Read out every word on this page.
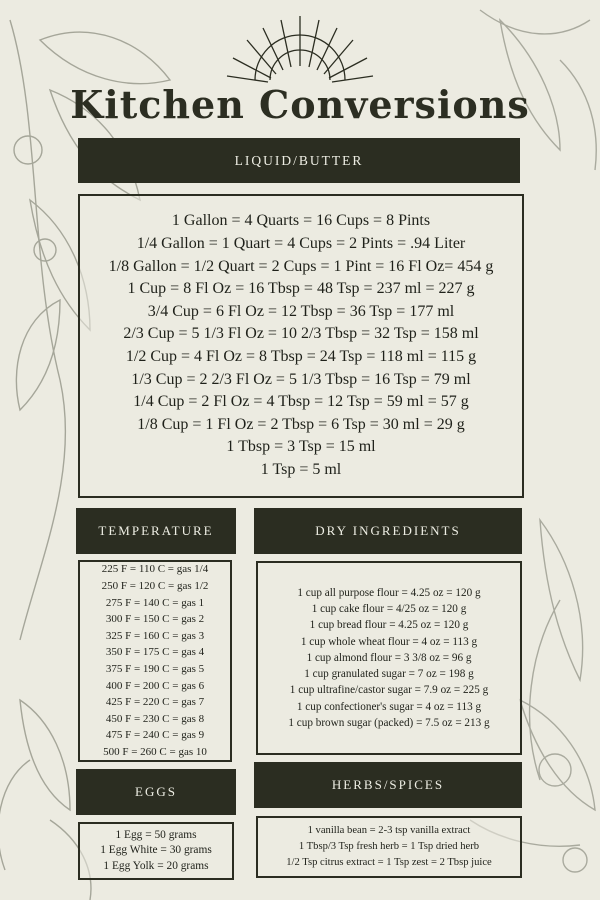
Kitchen Conversions
LIQUID/BUTTER
1 Gallon = 4 Quarts = 16 Cups = 8 Pints
1/4 Gallon = 1 Quart = 4 Cups = 2 Pints = .94 Liter
1/8 Gallon = 1/2 Quart = 2 Cups = 1 Pint = 16 Fl Oz= 454 g
1 Cup = 8 Fl Oz = 16 Tbsp = 48 Tsp = 237 ml = 227 g
3/4 Cup = 6 Fl Oz = 12 Tbsp = 36 Tsp = 177 ml
2/3 Cup = 5 1/3 Fl Oz = 10 2/3 Tbsp = 32 Tsp = 158 ml
1/2 Cup = 4 Fl Oz = 8 Tbsp = 24 Tsp = 118 ml = 115 g
1/3 Cup = 2 2/3 Fl Oz = 5 1/3 Tbsp = 16 Tsp = 79 ml
1/4 Cup = 2 Fl Oz = 4 Tbsp = 12 Tsp = 59 ml = 57 g
1/8 Cup = 1 Fl Oz = 2 Tbsp = 6 Tsp = 30 ml = 29 g
1 Tbsp = 3 Tsp = 15 ml
1 Tsp = 5 ml
TEMPERATURE
225 F = 110 C = gas 1/4
250 F = 120 C = gas 1/2
275 F = 140 C = gas 1
300 F = 150 C = gas 2
325 F = 160 C = gas 3
350 F = 175 C = gas 4
375 F = 190 C = gas 5
400 F = 200 C = gas 6
425 F = 220 C = gas 7
450 F = 230 C = gas 8
475 F = 240 C = gas 9
500 F = 260 C = gas 10
DRY INGREDIENTS
1 cup all purpose flour = 4.25 oz = 120 g
1 cup cake flour = 4/25 oz = 120 g
1 cup bread flour = 4.25 oz = 120 g
1 cup whole wheat flour = 4 oz = 113 g
1 cup almond flour = 3 3/8 oz = 96 g
1 cup granulated sugar = 7 oz = 198 g
1 cup ultrafine/castor sugar = 7.9 oz = 225 g
1 cup confectioner's sugar = 4 oz = 113 g
1 cup brown sugar (packed) = 7.5 oz = 213 g
EGGS
1 Egg = 50 grams
1 Egg White = 30 grams
1 Egg Yolk = 20 grams
HERBS/SPICES
1 vanilla bean = 2-3 tsp vanilla extract
1 Tbsp/3 Tsp fresh herb = 1 Tsp dried herb
1/2 Tsp citrus extract = 1 Tsp zest = 2 Tbsp juice
